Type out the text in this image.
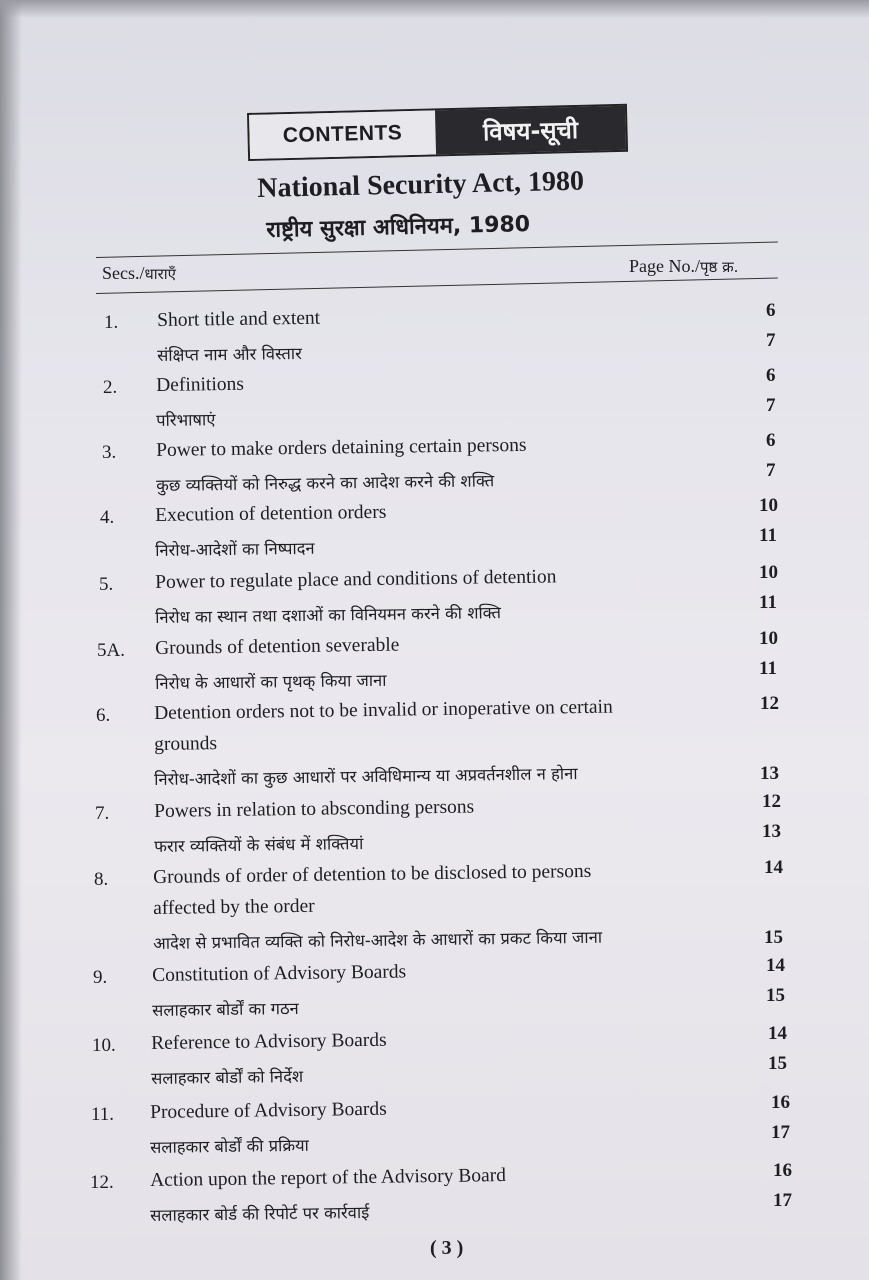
CONTENTS	विषय-सूची
National Security Act, 1980
राष्ट्रीय सुरक्षा अधिनियम, 1980
Secs./धाराएँ	Page No./पृष्ठ क्र.
1. Short title and extent
संक्षिप्त नाम और विस्तार
6
7
2. Definitions
परिभाषाएं
6
7
3. Power to make orders detaining certain persons
कुछ व्यक्तियों को निरुद्ध करने का आदेश करने की शक्ति
6
7
4. Execution of detention orders
निरोध-आदेशों का निष्पादन
10
11
5. Power to regulate place and conditions of detention
निरोध का स्थान तथा दशाओं का विनियमन करने की शक्ति
10
11
5A. Grounds of detention severable
निरोध के आधारों का पृथक् किया जाना
10
11
6. Detention orders not to be invalid or inoperative on certain
grounds
निरोध-आदेशों का कुछ आधारों पर अविधिमान्य या अप्रवर्तनशील न होना
12
13
7. Powers in relation to absconding persons
फरार व्यक्तियों के संबंध में शक्तियां
12
13
8. Grounds of order of detention to be disclosed to persons
affected by the order
आदेश से प्रभावित व्यक्ति को निरोध-आदेश के आधारों का प्रकट किया जाना
14
15
9. Constitution of Advisory Boards
सलाहकार बोर्डों का गठन
14
15
10. Reference to Advisory Boards
सलाहकार बोर्डों को निर्देश
14
15
11. Procedure of Advisory Boards
सलाहकार बोर्डों की प्रक्रिया
16
17
12. Action upon the report of the Advisory Board
सलाहकार बोर्ड की रिपोर्ट पर कार्रवाई
16
17
( 3 )
